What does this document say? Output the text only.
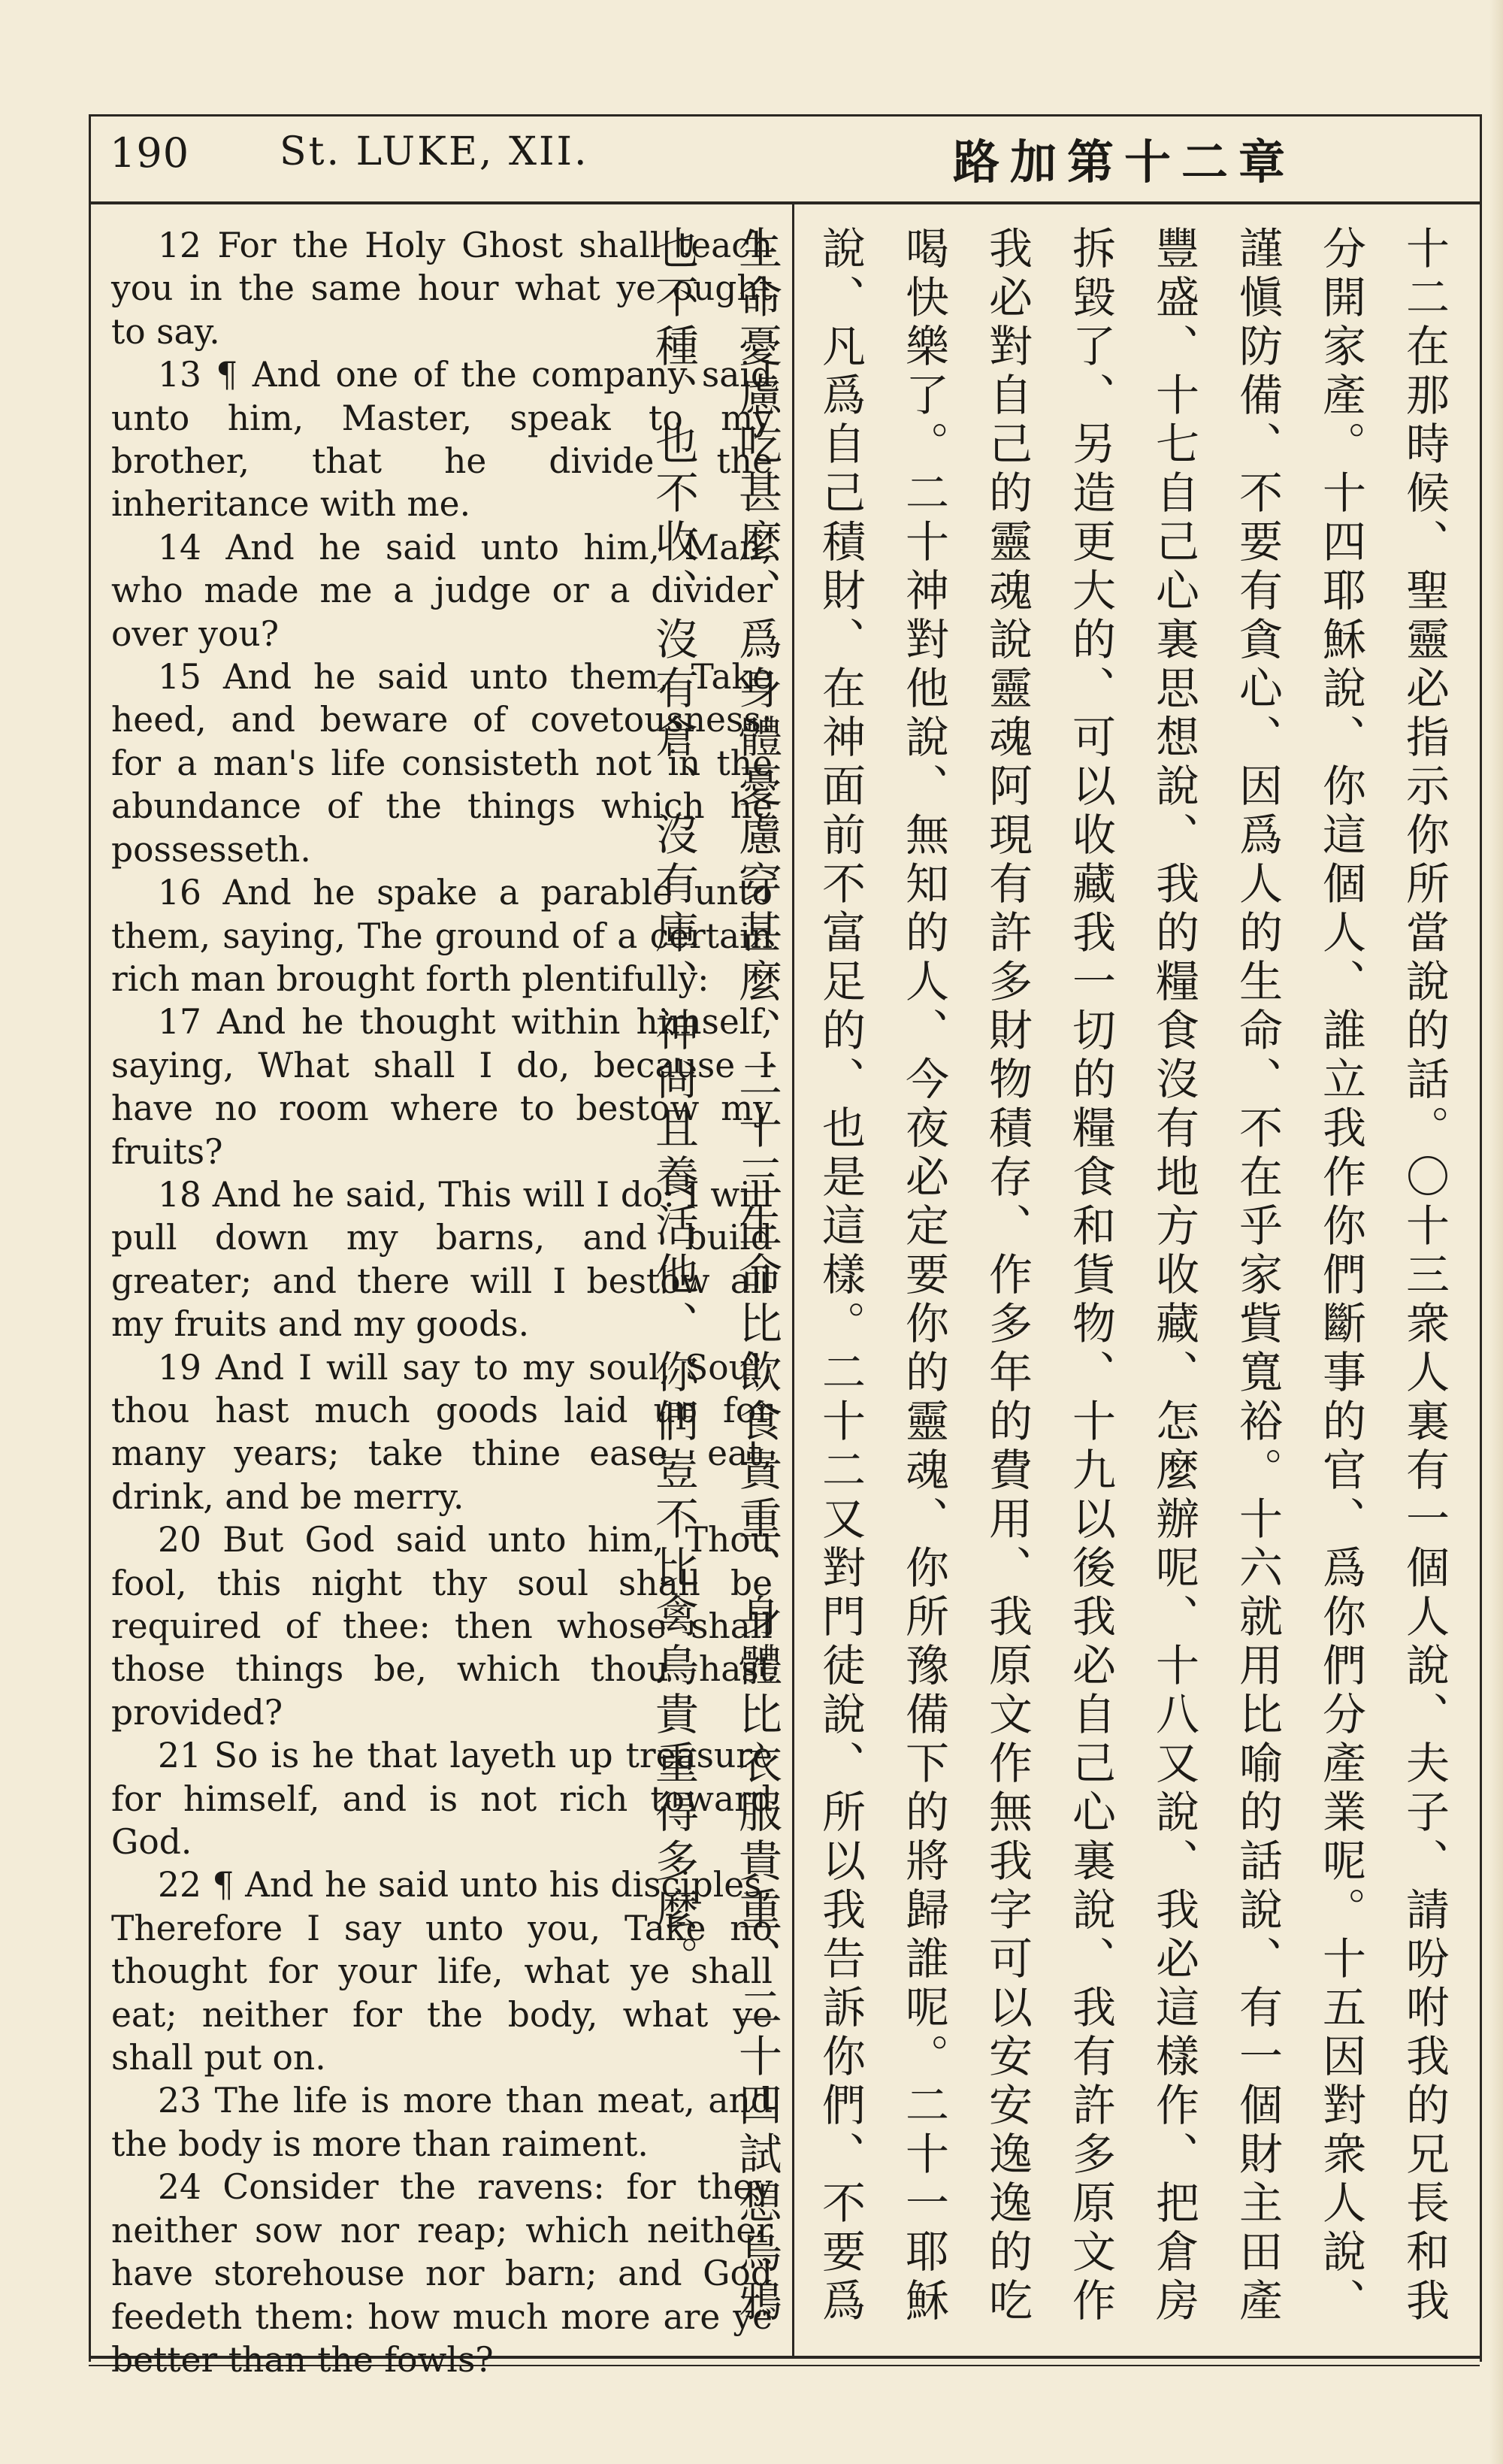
190 St. LUKE, XII.	路加第十二章

12 For the Holy Ghost shall teach you in the same hour what ye ought to say.

13 ¶ And one of the company said unto him, Master, speak to my brother, that he divide the inheritance with me.

14 And he said unto him, Man, who made me a judge or a divider over you?

15 And he said unto them, Take heed, and beware of covetousness: for a man's life consisteth not in the abundance of the things which he possesseth.

16 And he spake a parable unto them, saying, The ground of a certain rich man brought forth plentifully:

17 And he thought within himself, saying, What shall I do, because I have no room where to bestow my fruits?

18 And he said, This will I do: I will pull down my barns, and build greater; and there will I bestow all my fruits and my goods.

19 And I will say to my soul, Soul, thou hast much goods laid up for many years; take thine ease, eat, drink, and be merry.

20 But God said unto him, Thou fool, this night thy soul shall be required of thee: then whose shall those things be, which thou hast provided?

21 So is he that layeth up treasure for himself, and is not rich toward God.

22 ¶ And he said unto his disciples, Therefore I say unto you, Take no thought for your life, what ye shall eat; neither for the body, what ye shall put on.

23 The life is more than meat, and the body is more than raiment.

24 Consider the ravens: for they neither sow nor reap; which neither have storehouse nor barn; and God feedeth them: how much more are ye better than the fowls?

十二在那時候、聖靈必指示你所當說的話。〇十三衆人裏有一個人說、夫子、請吩咐我的兄長和我分開家產。十四耶穌說、你這個人、誰立我作你們斷事的官、爲你們分產業呢。十五因對衆人說、謹愼防備、不要有貪心、因爲人的生命、不在乎家貲寬裕。十六就用比喻的話說、有一個財主田產豐盛、十七自己心裏思想說、我的糧食沒有地方收藏、怎麼辦呢、十八又說、我必這樣作、把倉房拆毀了、另造更大的、可以收藏我一切的糧食和貨物、十九以後我必自己心裏說、我有許多原文作我必對自己的靈魂說靈魂阿現有許多財物積存、作多年的費用、我原文作無我字可以安安逸逸的吃喝快樂了。二十神對他說、無知的人、今夜必定要你的靈魂、你所豫備下的將歸誰呢。二十一耶穌說、凡爲自己積財、在神面前不富足的、也是這樣。二十二又對門徒說、所以我告訴你們、不要爲生命憂慮吃甚麼、爲身體憂慮穿甚麼、二十三生命比飲食貴重、身體比衣服貴重、二十四試想烏鴉也不種、也不收、沒有倉、沒有庫、神尙且養活他、你們豈不比禽鳥貴重得多麼。
